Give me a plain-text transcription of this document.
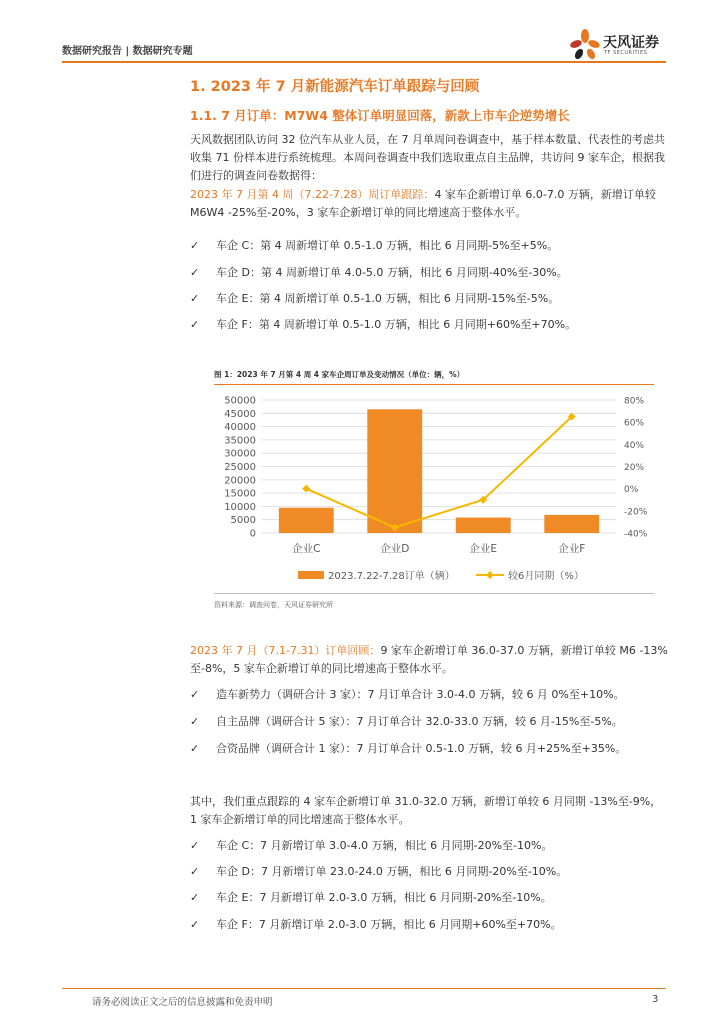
数据研究报告 | 数据研究专题
天风证券
TF SECURITIES
1. 2023 年 7 月新能源汽车订单跟踪与回顾
1.1. 7 月订单：M7W4 整体订单明显回落，新款上市车企逆势增长
天风数据团队访问 32 位汽车从业人员，在 7 月单周问卷调查中，基于样本数量、代表性的考虑共收集 71 份样本进行系统梳理。本周问卷调查中我们选取重点自主品牌，共访问 9 家车企，根据我们进行的调查问卷数据得：
2023 年 7 月第 4 周（7.22-7.28）周订单跟踪：4 家车企新增订单 6.0-7.0 万辆，新增订单较 M6W4 -25%至-20%，3 家车企新增订单的同比增速高于整体水平。
✓ 车企 C：第 4 周新增订单 0.5-1.0 万辆，相比 6 月同期-5%至+5%。
✓ 车企 D：第 4 周新增订单 4.0-5.0 万辆，相比 6 月同期-40%至-30%。
✓ 车企 E：第 4 周新增订单 0.5-1.0 万辆，相比 6 月同期-15%至-5%。
✓ 车企 F：第 4 周新增订单 0.5-1.0 万辆，相比 6 月同期+60%至+70%。
图 1：2023 年 7 月第 4 周 4 家车企周订单及变动情况（单位：辆，%）
0
5000
10000
15000
20000
25000
30000
35000
40000
45000
50000
-40%
-20%
0%
20%
40%
60%
80%
企业C	企业D	企业E	企业F
2023.7.22-7.28订单（辆）	较6月同期（%）
资料来源：调查问卷，天风证券研究所
2023 年 7 月（7.1-7.31）订单回顾：9 家车企新增订单 36.0-37.0 万辆，新增订单较 M6 -13%至-8%，5 家车企新增订单的同比增速高于整体水平。
✓ 造车新势力（调研合计 3 家）：7 月订单合计 3.0-4.0 万辆，较 6 月 0%至+10%。
✓ 自主品牌（调研合计 5 家）：7 月订单合计 32.0-33.0 万辆，较 6 月-15%至-5%。
✓ 合资品牌（调研合计 1 家）：7 月订单合计 0.5-1.0 万辆，较 6 月+25%至+35%。
其中，我们重点跟踪的 4 家车企新增订单 31.0-32.0 万辆，新增订单较 6 月同期 -13%至-9%，1 家车企新增订单的同比增速高于整体水平。
✓ 车企 C：7 月新增订单 3.0-4.0 万辆，相比 6 月同期-20%至-10%。
✓ 车企 D：7 月新增订单 23.0-24.0 万辆，相比 6 月同期-20%至-10%。
✓ 车企 E：7 月新增订单 2.0-3.0 万辆，相比 6 月同期-20%至-10%。
✓ 车企 F：7 月新增订单 2.0-3.0 万辆，相比 6 月同期+60%至+70%。
请务必阅读正文之后的信息披露和免责申明	3
